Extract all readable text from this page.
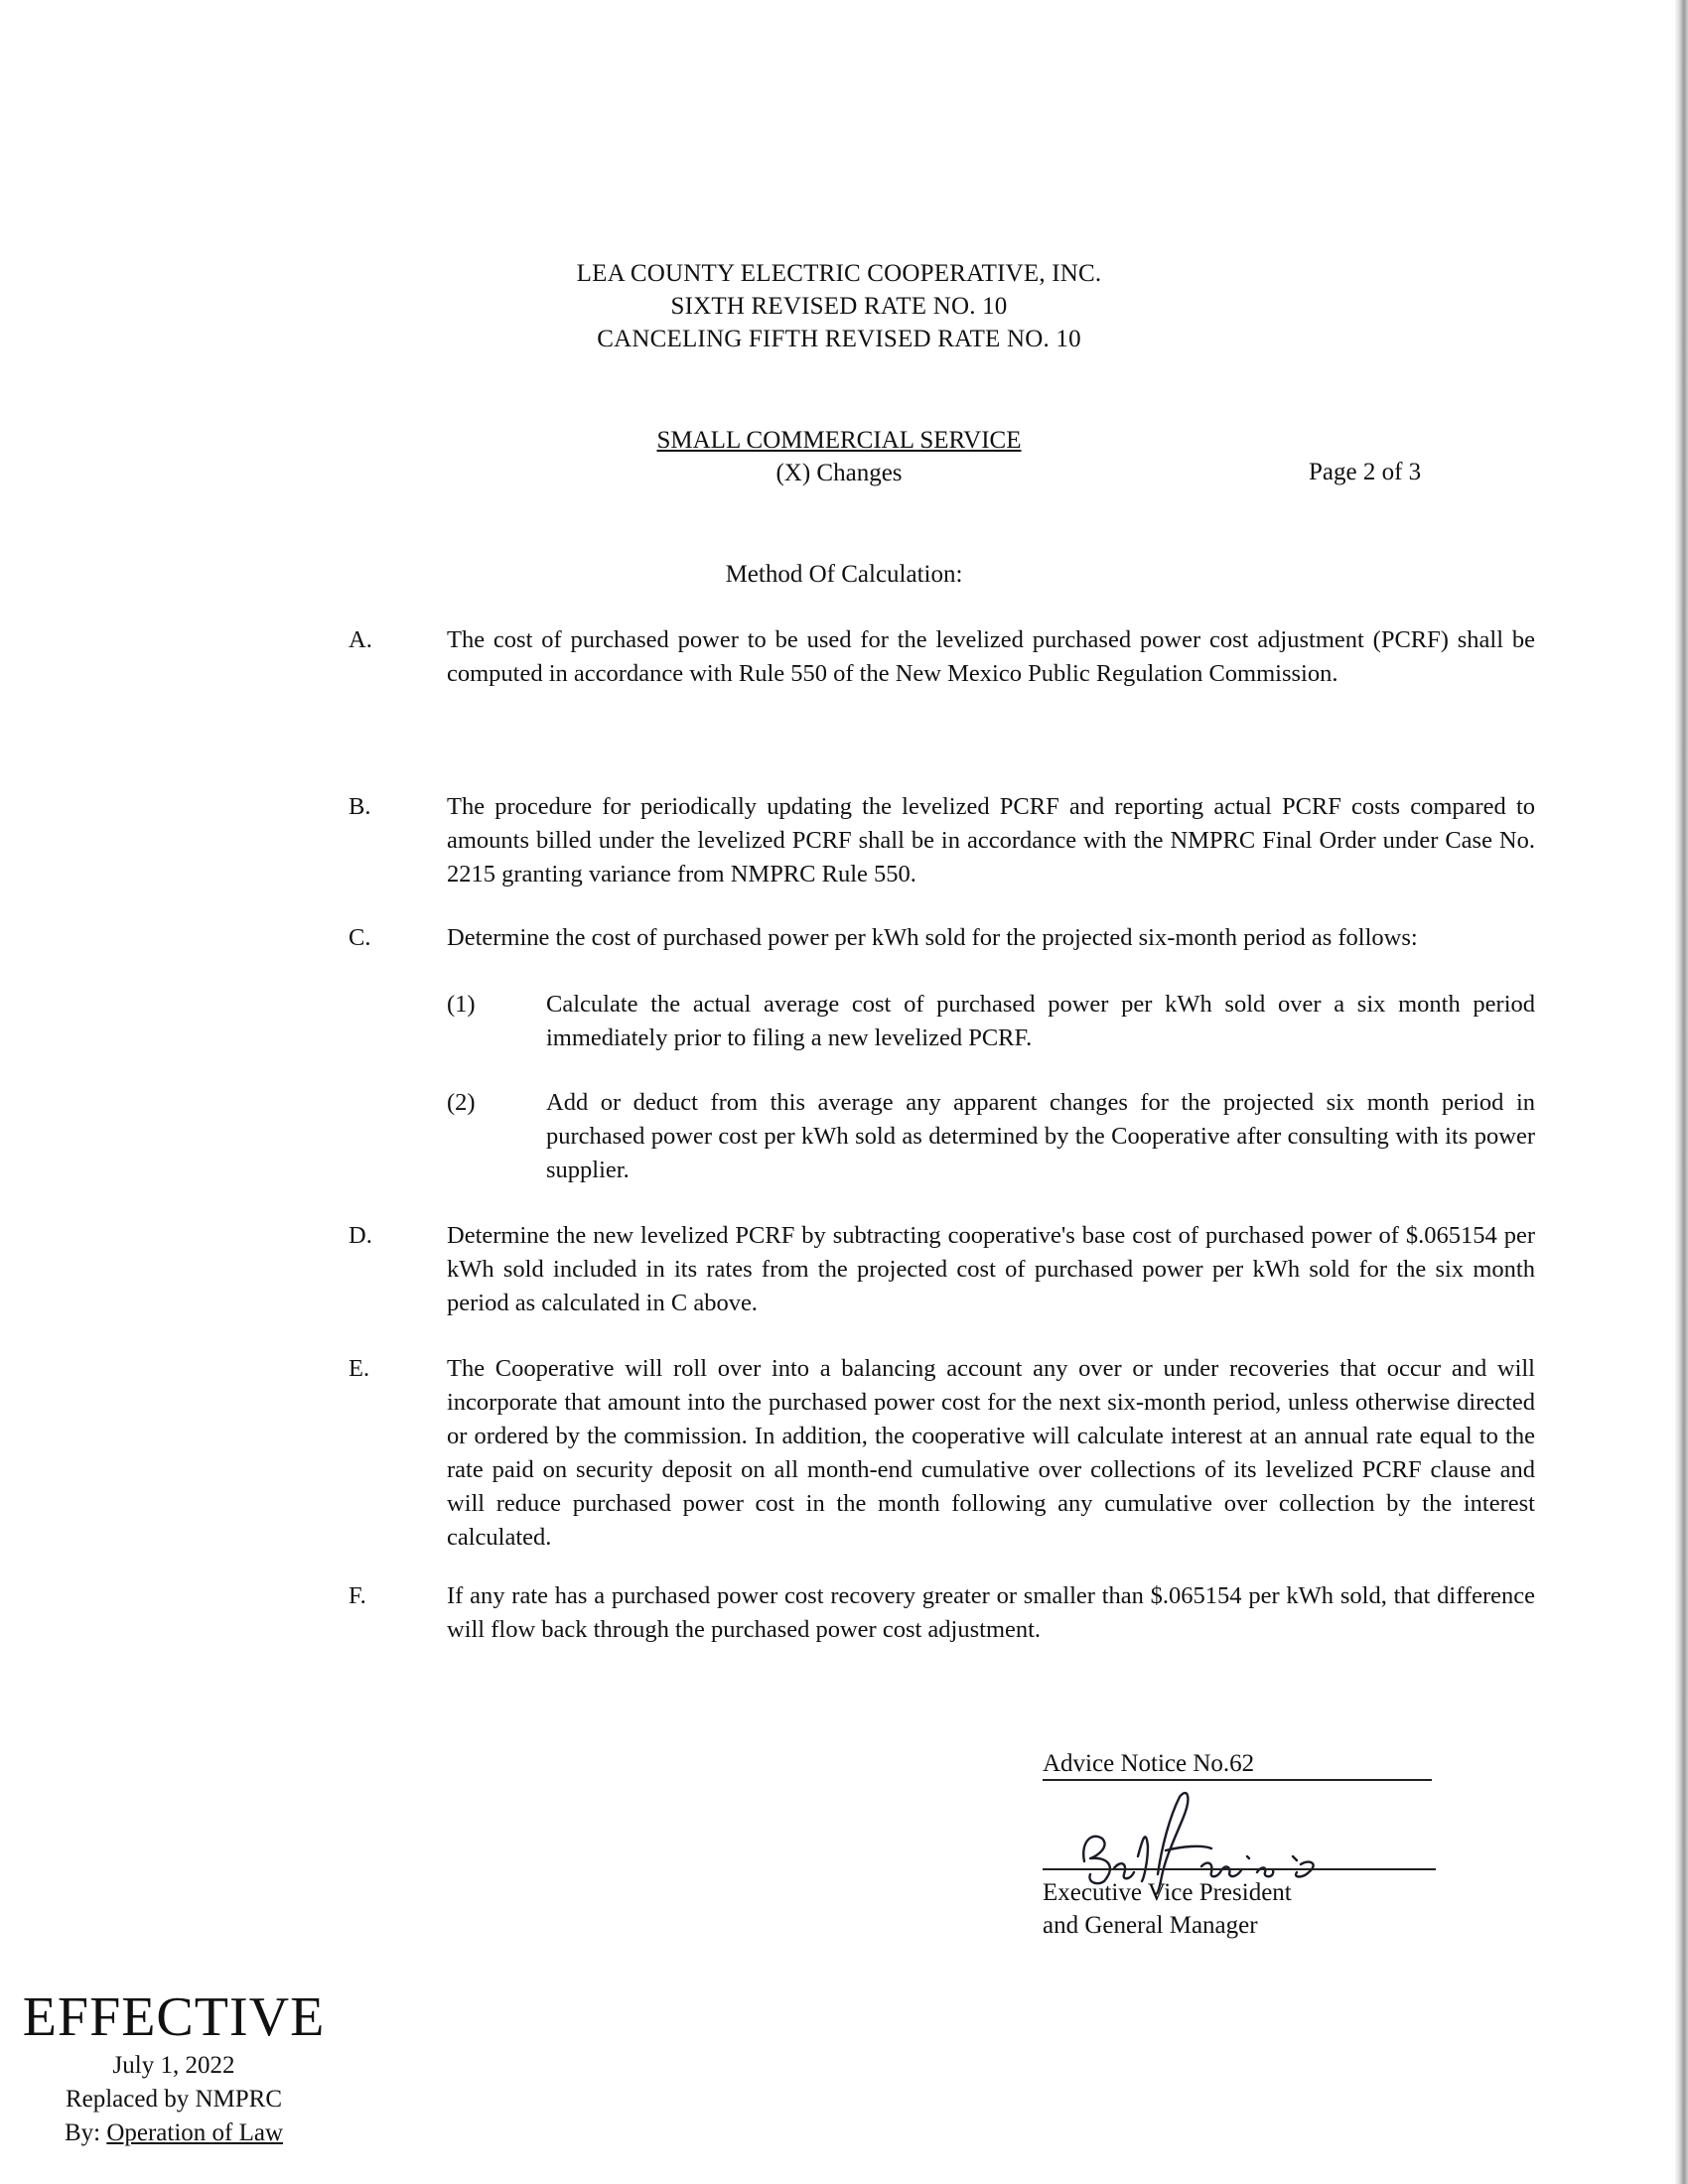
LEA COUNTY ELECTRIC COOPERATIVE, INC.
SIXTH REVISED RATE NO. 10
CANCELING FIFTH REVISED RATE NO. 10
SMALL COMMERCIAL SERVICE
(X) Changes	Page 2 of 3
Method Of Calculation:
A.	The cost of purchased power to be used for the levelized purchased power cost adjustment (PCRF) shall be computed in accordance with Rule 550 of the New Mexico Public Regulation Commission.
B.	The procedure for periodically updating the levelized PCRF and reporting actual PCRF costs compared to amounts billed under the levelized PCRF shall be in accordance with the NMPRC Final Order under Case No. 2215 granting variance from NMPRC Rule 550.
C.	Determine the cost of purchased power per kWh sold for the projected six-month period as follows:
(1)	Calculate the actual average cost of purchased power per kWh sold over a six month period immediately prior to filing a new levelized PCRF.
(2)	Add or deduct from this average any apparent changes for the projected six month period in purchased power cost per kWh sold as determined by the Cooperative after consulting with its power supplier.
D.	Determine the new levelized PCRF by subtracting cooperative's base cost of purchased power of $.065154 per kWh sold included in its rates from the projected cost of purchased power per kWh sold for the six month period as calculated in C above.
E.	The Cooperative will roll over into a balancing account any over or under recoveries that occur and will incorporate that amount into the purchased power cost for the next six-month period, unless otherwise directed or ordered by the commission. In addition, the cooperative will calculate interest at an annual rate equal to the rate paid on security deposit on all month-end cumulative over collections of its levelized PCRF clause and will reduce purchased power cost in the month following any cumulative over collection by the interest calculated.
F.	If any rate has a purchased power cost recovery greater or smaller than $.065154 per kWh sold, that difference will flow back through the purchased power cost adjustment.
Advice Notice No.62
Executive Vice President
and General Manager
EFFECTIVE
July 1, 2022
Replaced by NMPRC
By: Operation of Law
